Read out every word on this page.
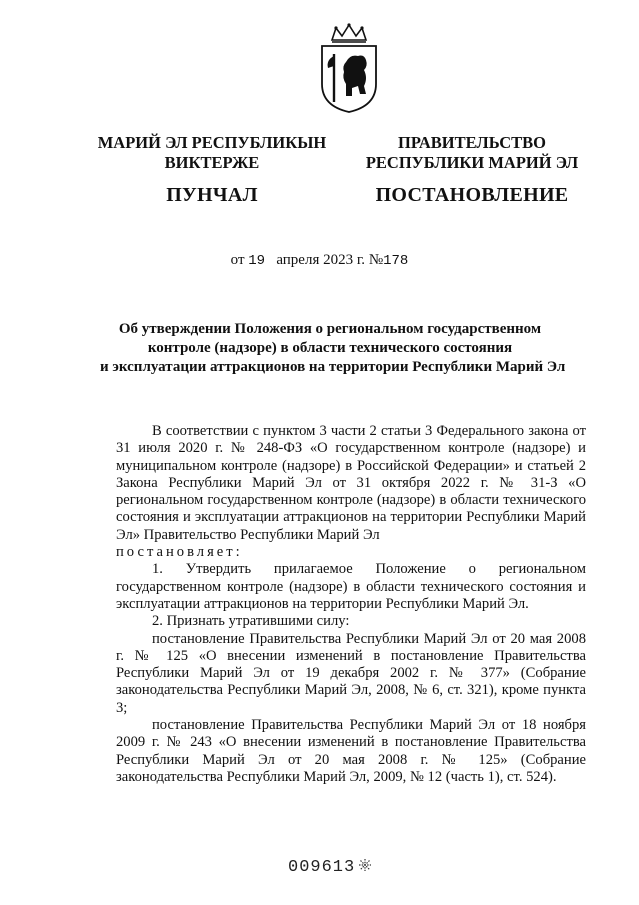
МАРИЙ ЭЛ РЕСПУБЛИКЫН
ВИКТЕРЖЕ
ПУНЧАЛ
ПРАВИТЕЛЬСТВО
РЕСПУБЛИКИ МАРИЙ ЭЛ
ПОСТАНОВЛЕНИЕ
от 19 апреля 2023 г. №178
Об утверждении Положения о региональном государственном
контроле (надзоре) в области технического состояния
и эксплуатации аттракционов на территории Республики Марий Эл

В соответствии с пунктом 3 части 2 статьи 3 Федерального закона от 31 июля 2020 г. № 248-ФЗ «О государственном контроле (надзоре) и муниципальном контроле (надзоре) в Российской Федерации» и статьей 2 Закона Республики Марий Эл от 31 октября 2022 г. № 31-З «О региональном государственном контроле (надзоре) в области технического состояния и эксплуатации аттракционов на территории Республики Марий Эл» Правительство Республики Марий Эл

постановляет:

1. Утвердить прилагаемое Положение о региональном государственном контроле (надзоре) в области технического состояния и эксплуатации аттракционов на территории Республики Марий Эл.

2. Признать утратившими силу:

постановление Правительства Республики Марий Эл от 20 мая 2008 г. № 125 «О внесении изменений в постановление Правительства Республики Марий Эл от 19 декабря 2002 г. № 377» (Собрание законодательства Республики Марий Эл, 2008, № 6, ст. 321), кроме пункта 3;

постановление Правительства Республики Марий Эл от 18 ноября 2009 г. № 243 «О внесении изменений в постановление Правительства Республики Марий Эл от 20 мая 2008 г. № 125» (Собрание законодательства Республики Марий Эл, 2009, № 12 (часть 1), ст. 524).

009613
